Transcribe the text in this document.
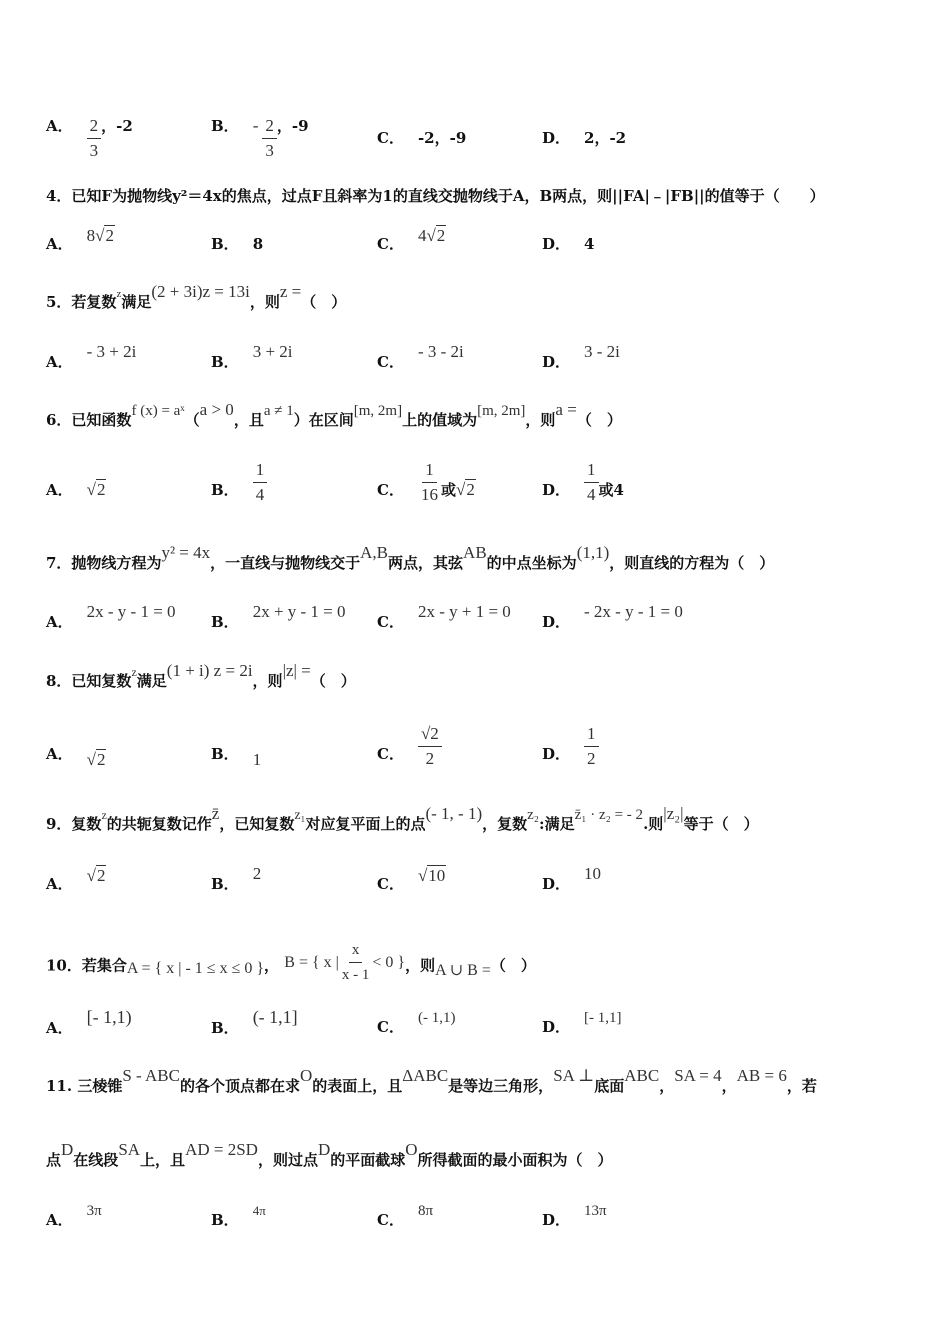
A． $\frac{2}{3}$ ，-2	B． - $\frac{2}{3}$ ，-9
C． -2，-9	D． 2，-2
4．已知F为抛物线y²＝4x的焦点，过点F且斜率为1的直线交抛物线于A，B两点，则||FA|﹣|FB||的值等于（　　）
A． 8√2	B． 8	C． 4√2	D． 4
5．若复数$^z$满足(2 + 3i)z = 13i，则z =（　）
A．
- 3 + 2i
B．
3 + 2i
C．
- 3 - 2i
D．
3 - 2i
6．已知函数f (x) = aˣ（a > 0，且a ≠ 1）在区间[m, 2m]上的值域为[m, 2m]，则a =（　）
A． √2	B． $\frac{1}{4}$	C． $\frac{1}{16}$ 或 √2	D． $\frac{1}{4}$ 或4
7．抛物线方程为y² = 4x，一直线与抛物线交于A,B两点，其弦AB的中点坐标为(1,1)，则直线的方程为（　）
A．
2x - y - 1 = 0
B．
2x + y - 1 = 0
C．
2x - y + 1 = 0
D．
- 2x - y - 1 = 0
8．已知复数$^z$满足(1 + i) z = 2i，则|z| =（　）
A． √2	B． 1	C． $\frac{√2}{2}$	D． $\frac{1}{2}$
9．复数$^z$的共轭复数记作z̄，已知复数z₁对应复平面上的点(- 1, - 1)，复数z₂:满足z̄₁ · z₂ = - 2.则|z₂|等于（　）
A． √2	B．
2
C． √10	D．
10
10．若集合A = { x | - 1 ≤ x ≤ 0 }， B = { x | $\frac{x}{x - 1} < 0$ }，则A ∪ B =（　）
A．
[- 1,1)
B．
(- 1,1]	C． (- 1,1)	D． [- 1,1]
11. 三棱锥S - ABC的各个顶点都在求O的表面上，且ΔABC是等边三角形，SA ⊥底面ABC，SA = 4，AB = 6，若
点D在线段SA上，且AD = 2SD，则过点D的平面截球O所得截面的最小面积为（　）
A． 3π	B．
4π
C． 8π	D． 13π
